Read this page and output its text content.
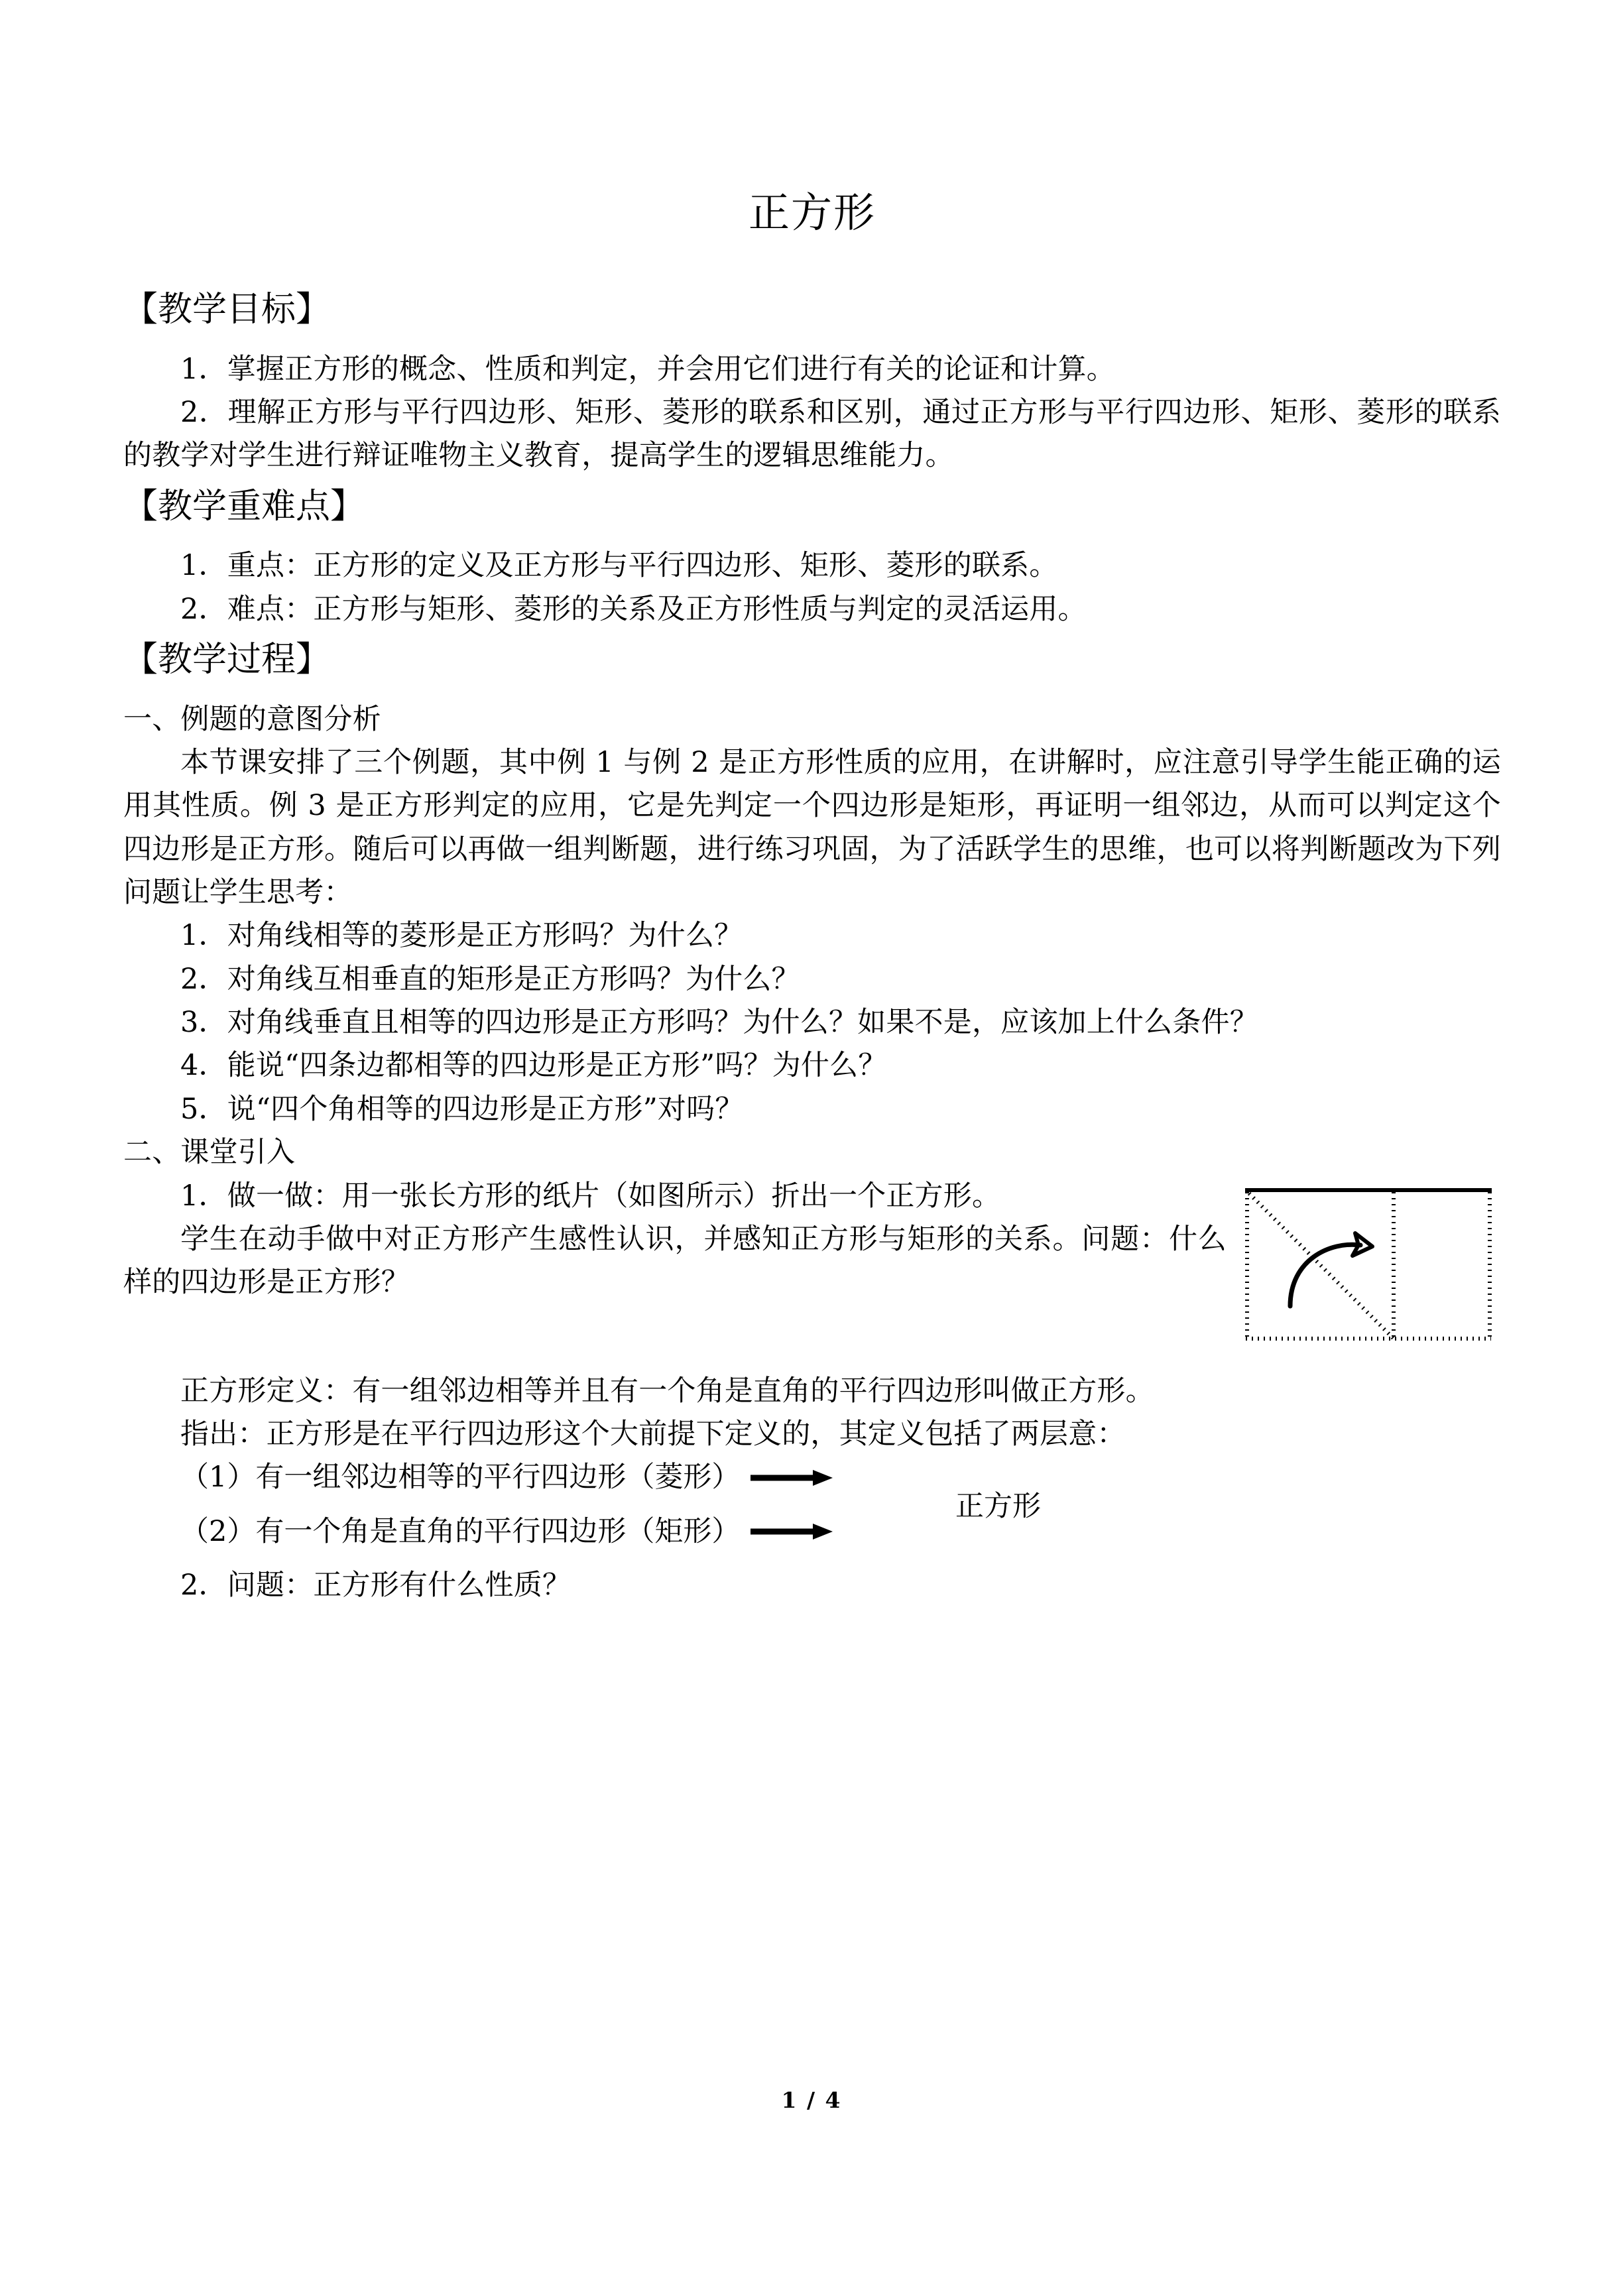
正方形
【教学目标】

1．掌握正方形的概念、性质和判定，并会用它们进行有关的论证和计算。

2．理解正方形与平行四边形、矩形、菱形的联系和区别，通过正方形与平行四边形、矩形、菱形的联系的教学对学生进行辩证唯物主义教育，提高学生的逻辑思维能力。

【教学重难点】

1．重点：正方形的定义及正方形与平行四边形、矩形、菱形的联系。

2．难点：正方形与矩形、菱形的关系及正方形性质与判定的灵活运用。

【教学过程】

一、例题的意图分析

本节课安排了三个例题，其中例 1 与例 2 是正方形性质的应用，在讲解时，应注意引导学生能正确的运用其性质。例 3 是正方形判定的应用，它是先判定一个四边形是矩形，再证明一组邻边，从而可以判定这个四边形是正方形。随后可以再做一组判断题，进行练习巩固，为了活跃学生的思维，也可以将判断题改为下列问题让学生思考：

1．对角线相等的菱形是正方形吗？为什么？

2．对角线互相垂直的矩形是正方形吗？为什么？

3．对角线垂直且相等的四边形是正方形吗？为什么？如果不是，应该加上什么条件？

4．能说“四条边都相等的四边形是正方形”吗？为什么？

5．说“四个角相等的四边形是正方形”对吗？

二、课堂引入

1．做一做：用一张长方形的纸片（如图所示）折出一个正方形。

学生在动手做中对正方形产生感性认识，并感知正方形与矩形的关系。问题：什么样的四边形是正方形？

正方形定义：有一组邻边相等并且有一个角是直角的平行四边形叫做正方形。

指出：正方形是在平行四边形这个大前提下定义的，其定义包括了两层意：

（1）有一组邻边相等的平行四边形（菱形）
（2）有一个角是直角的平行四边形（矩形）
正方形

2．问题：正方形有什么性质？

1 / 4
